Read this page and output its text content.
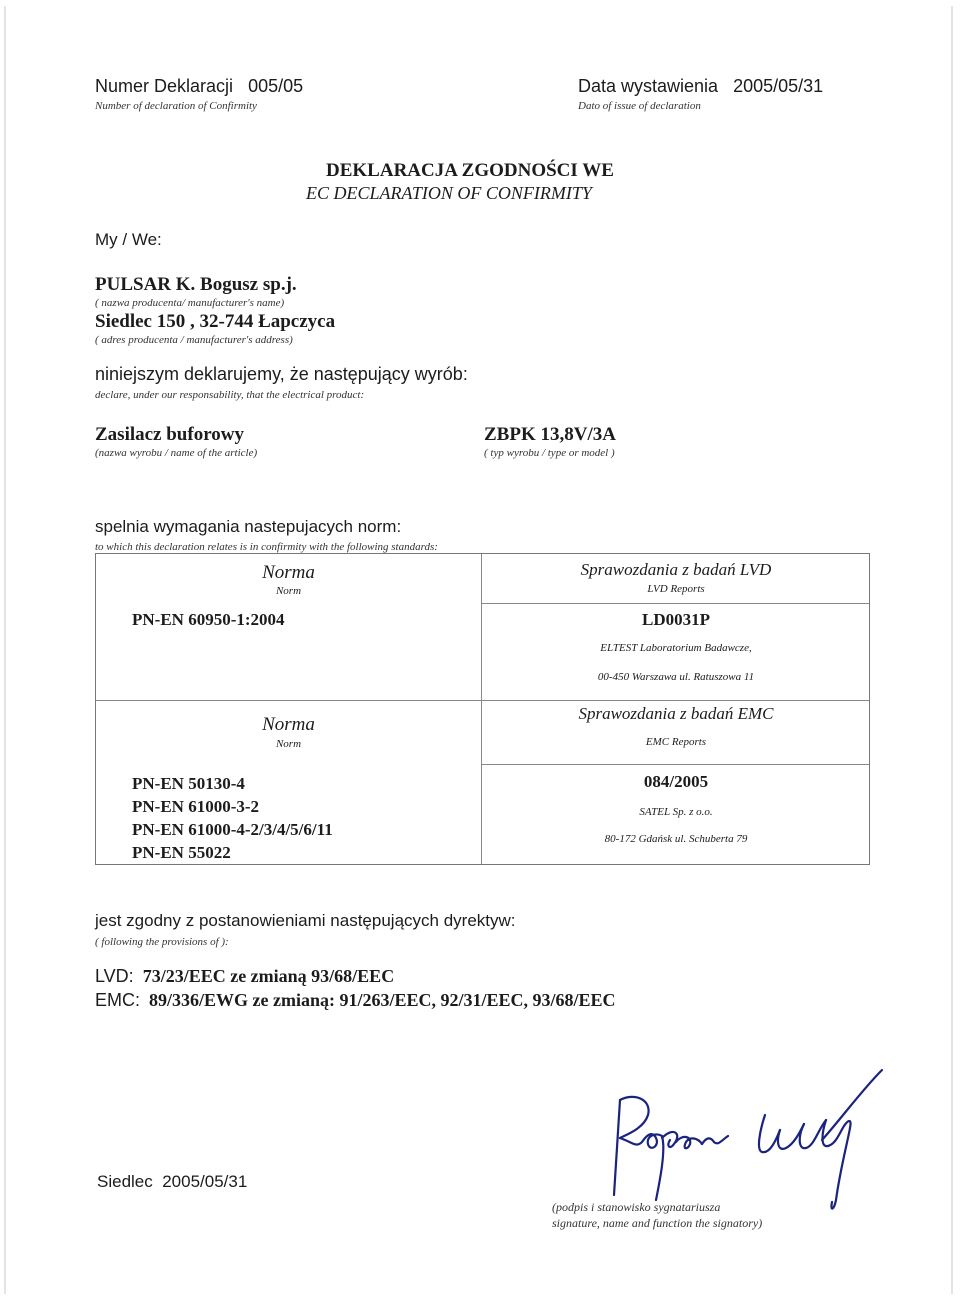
Numer Deklaracji 005/05
Number of declaration of Confirmity
Data wystawienia 2005/05/31
Dato of issue of declaration
DEKLARACJA ZGODNOŚCI WE
EC DECLARATION OF CONFIRMITY
My / We:
PULSAR K. Bogusz sp.j.
( nazwa producenta/ manufacturer's name)
Siedlec 150 , 32-744 Łapczyca
( adres producenta / manufacturer's address)
niniejszym deklarujemy, że następujący wyrób:
declare, under our responsability, that the electrical product:
Zasilacz buforowy
(nazwa wyrobu / name of the article)
ZBPK 13,8V/3A
( typ wyrobu / type or model )
spelnia wymagania nastepujacych norm:
to which this declaration relates is in confirmity with the following standards:
Norma
Norm
Sprawozdania z badań LVD
LVD Reports
PN-EN 60950-1:2004	LD0031P
ELTEST Laboratorium Badawcze,
00-450 Warszawa ul. Ratuszowa 11
Norma
Norm
Sprawozdania z badań EMC
EMC Reports
PN-EN 50130-4
PN-EN 61000-3-2
PN-EN 61000-4-2/3/4/5/6/11
PN-EN 55022
084/2005
SATEL Sp. z o.o.
80-172 Gdańsk ul. Schuberta 79
jest zgodny z postanowieniami następujących dyrektyw:
( following the provisions of ):
LVD: 73/23/EEC ze zmianą 93/68/EEC
EMC: 89/336/EWG ze zmianą: 91/263/EEC, 92/31/EEC, 93/68/EEC
Siedlec  2005/05/31
(podpis i stanowisko sygnatariusza
signature, name and function the signatory)
